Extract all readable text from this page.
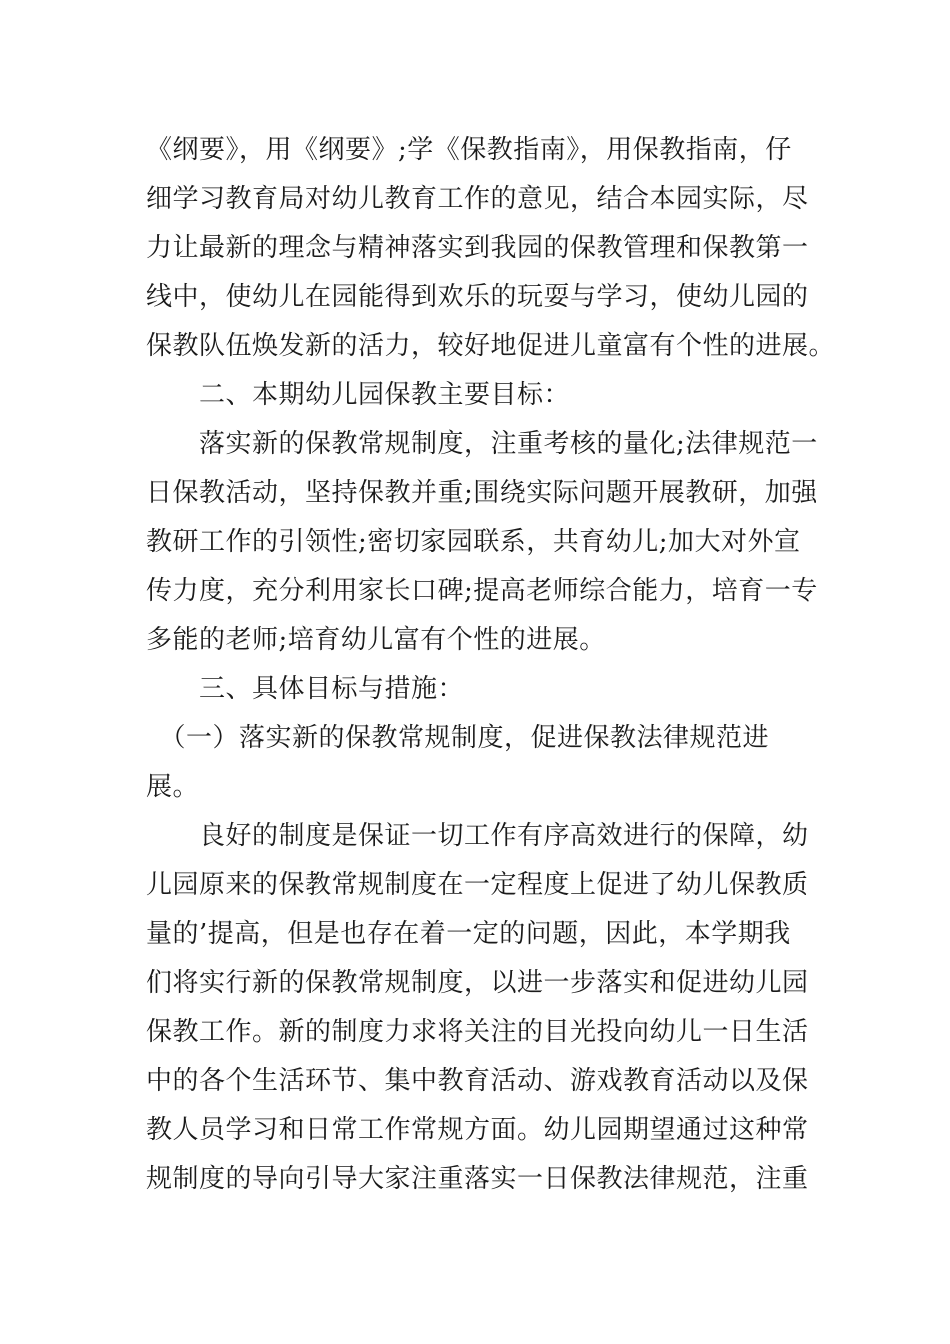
《纲要》，用《纲要》;学《保教指南》，用保教指南，仔
细学习教育局对幼儿教育工作的意见，结合本园实际，尽
力让最新的理念与精神落实到我园的保教管理和保教第一
线中，使幼儿在园能得到欢乐的玩耍与学习，使幼儿园的
保教队伍焕发新的活力，较好地促进儿童富有个性的进展。
　　二、本期幼儿园保教主要目标：
　　落实新的保教常规制度，注重考核的量化;法律规范一
日保教活动，坚持保教并重;围绕实际问题开展教研，加强
教研工作的引领性;密切家园联系，共育幼儿;加大对外宣
传力度，充分利用家长口碑;提高老师综合能力，培育一专
多能的老师;培育幼儿富有个性的进展。
　　三、具体目标与措施：
　（一）落实新的保教常规制度，促进保教法律规范进
展。
　　良好的制度是保证一切工作有序高效进行的保障，幼
儿园原来的保教常规制度在一定程度上促进了幼儿保教质
量的’提高，但是也存在着一定的问题，因此，本学期我
们将实行新的保教常规制度，以进一步落实和促进幼儿园
保教工作。新的制度力求将关注的目光投向幼儿一日生活
中的各个生活环节、集中教育活动、游戏教育活动以及保
教人员学习和日常工作常规方面。幼儿园期望通过这种常
规制度的导向引导大家注重落实一日保教法律规范，注重
